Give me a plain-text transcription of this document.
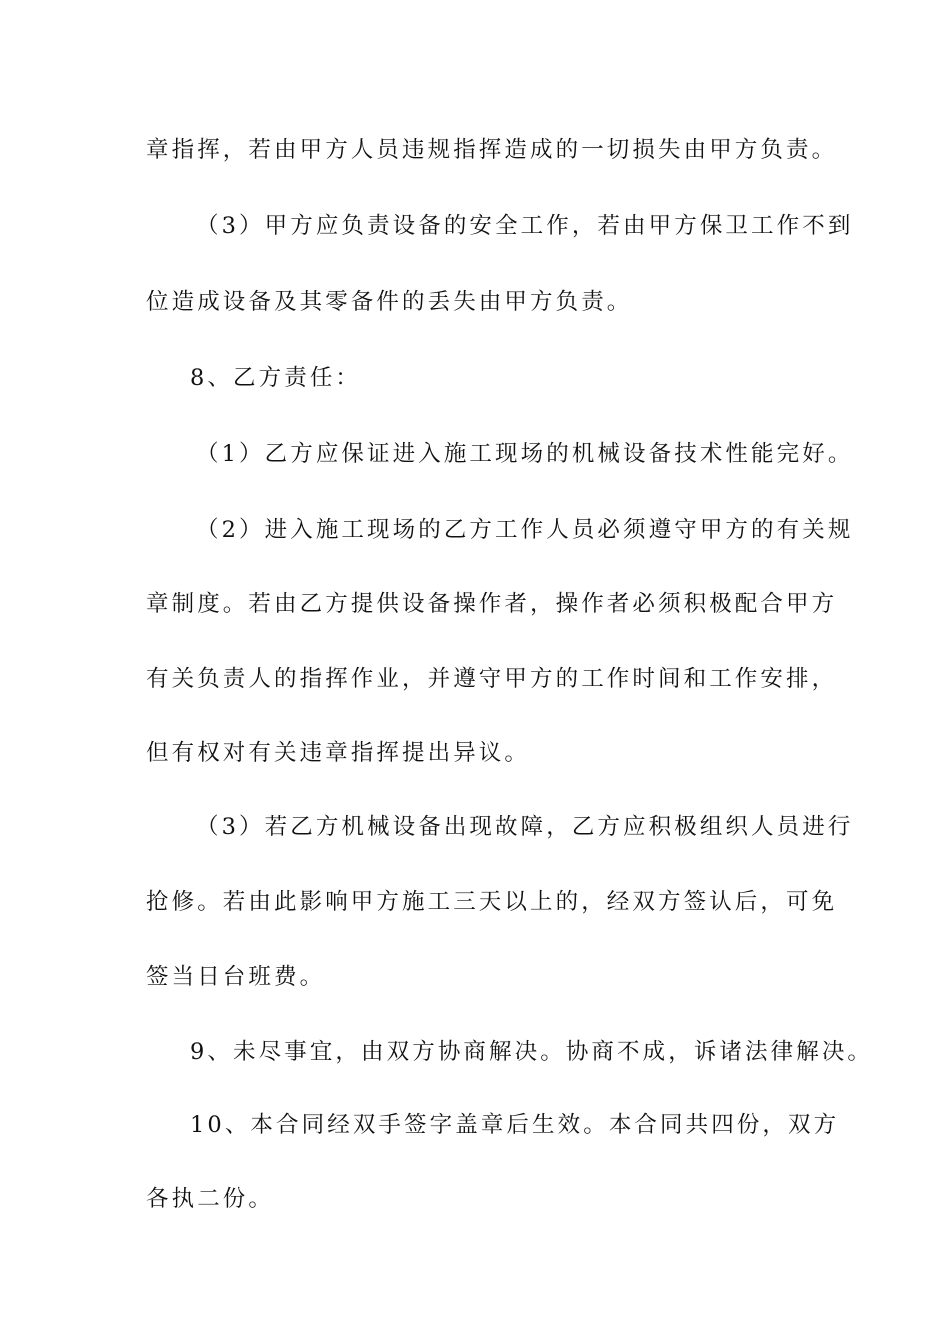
章指挥，若由甲方人员违规指挥造成的一切损失由甲方负责。
（3）甲方应负责设备的安全工作，若由甲方保卫工作不到
位造成设备及其零备件的丢失由甲方负责。
8、乙方责任：
（1）乙方应保证进入施工现场的机械设备技术性能完好。
（2）进入施工现场的乙方工作人员必须遵守甲方的有关规
章制度。若由乙方提供设备操作者，操作者必须积极配合甲方
有关负责人的指挥作业，并遵守甲方的工作时间和工作安排，
但有权对有关违章指挥提出异议。
（3）若乙方机械设备出现故障，乙方应积极组织人员进行
抢修。若由此影响甲方施工三天以上的，经双方签认后，可免
签当日台班费。
9、未尽事宜，由双方协商解决。协商不成，诉诸法律解决。
10、本合同经双手签字盖章后生效。本合同共四份，双方
各执二份。
